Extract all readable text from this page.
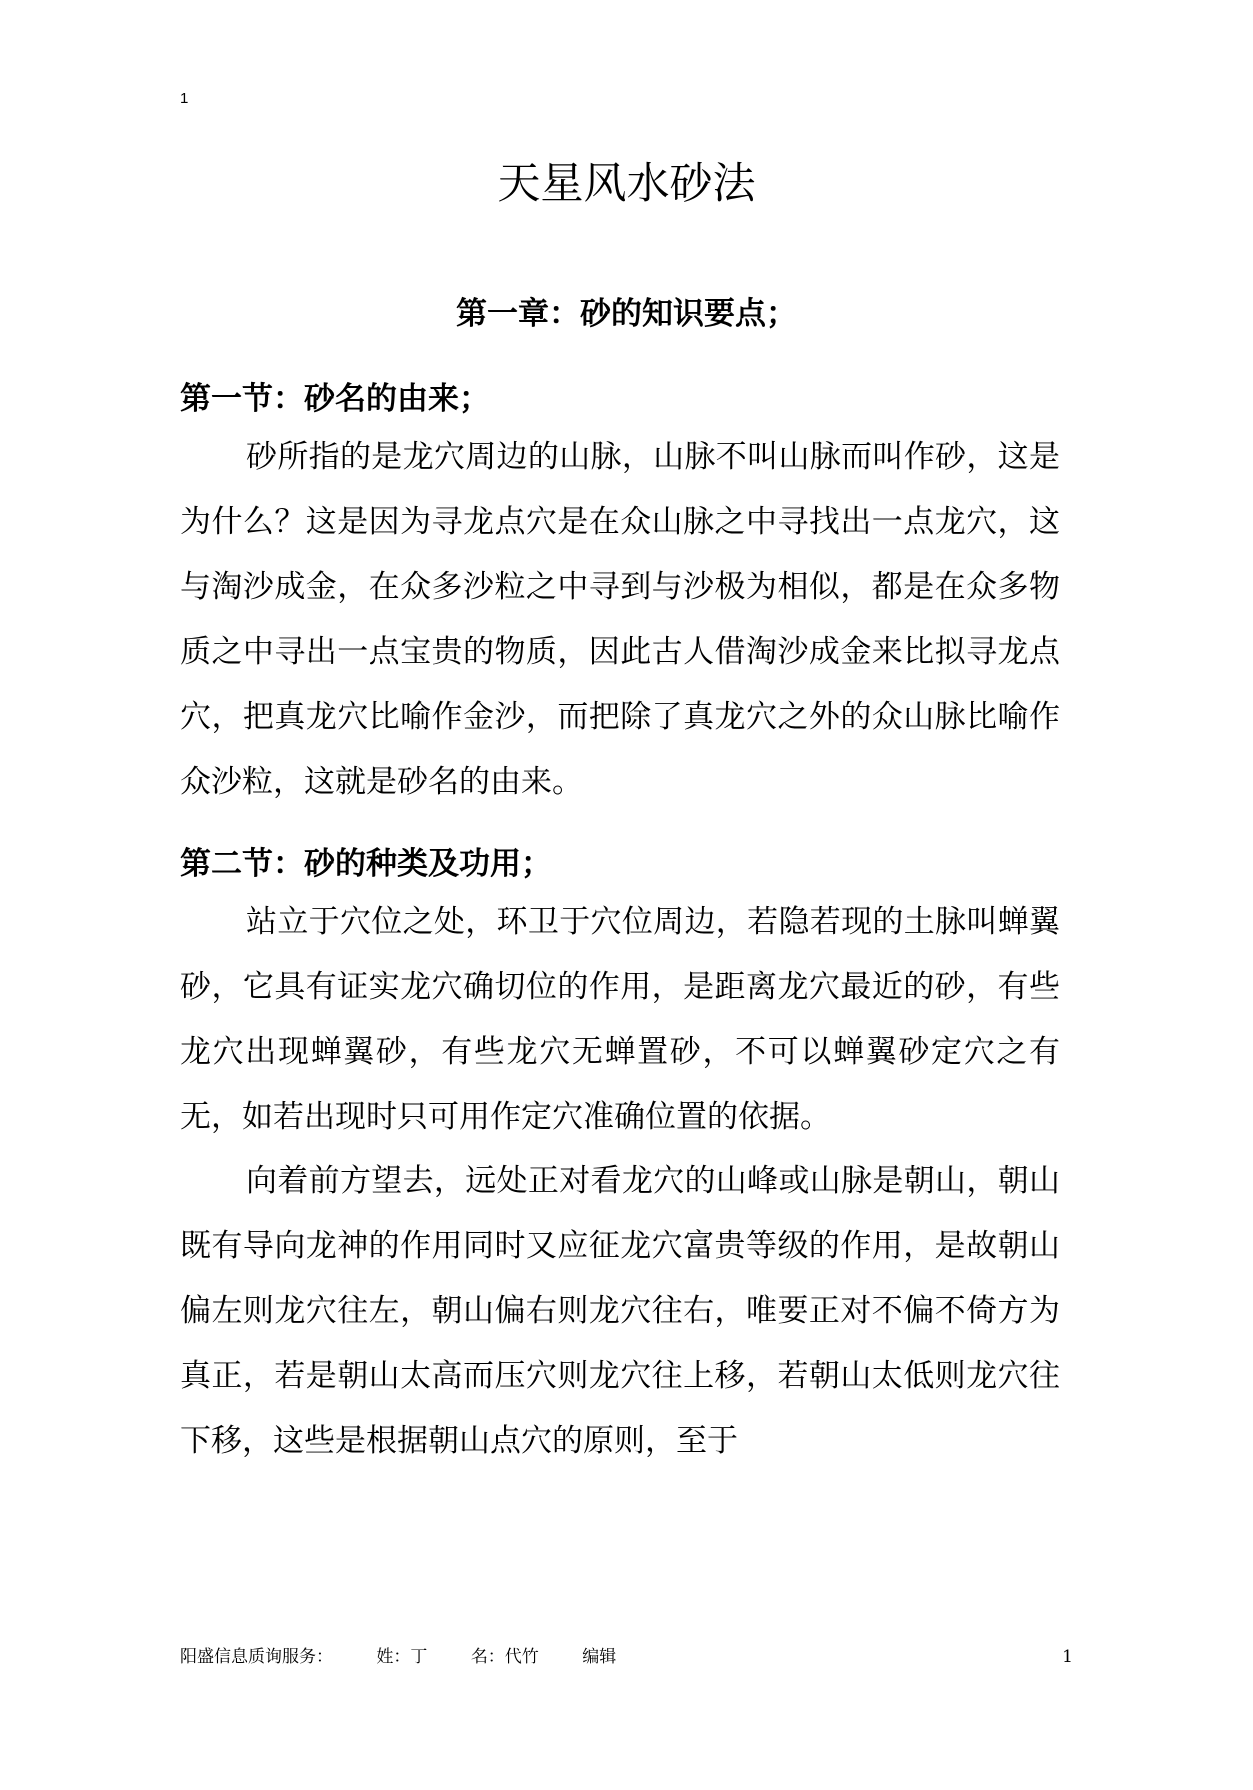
1
天星风水砂法
第一章：砂的知识要点；
第一节：砂名的由来；

砂所指的是龙穴周边的山脉，山脉不叫山脉而叫作砂，这是为什么？这是因为寻龙点穴是在众山脉之中寻找出一点龙穴，这与淘沙成金，在众多沙粒之中寻到与沙极为相似，都是在众多物质之中寻出一点宝贵的物质，因此古人借淘沙成金来比拟寻龙点穴，把真龙穴比喻作金沙，而把除了真龙穴之外的众山脉比喻作众沙粒，这就是砂名的由来。

第二节：砂的种类及功用；

站立于穴位之处，环卫于穴位周边，若隐若现的土脉叫蝉翼砂，它具有证实龙穴确切位的作用，是距离龙穴最近的砂，有些龙穴出现蝉翼砂，有些龙穴无蝉置砂，不可以蝉翼砂定穴之有无，如若出现时只可用作定穴准确位置的依据。

向着前方望去，远处正对看龙穴的山峰或山脉是朝山，朝山既有导向龙神的作用同时又应征龙穴富贵等级的作用，是故朝山偏左则龙穴往左，朝山偏右则龙穴往右，唯要正对不偏不倚方为真正，若是朝山太高而压穴则龙穴往上移，若朝山太低则龙穴往下移，这些是根据朝山点穴的原则，至于

阳盛信息质询服务：	姓：丁	名：代竹	编辑	1
